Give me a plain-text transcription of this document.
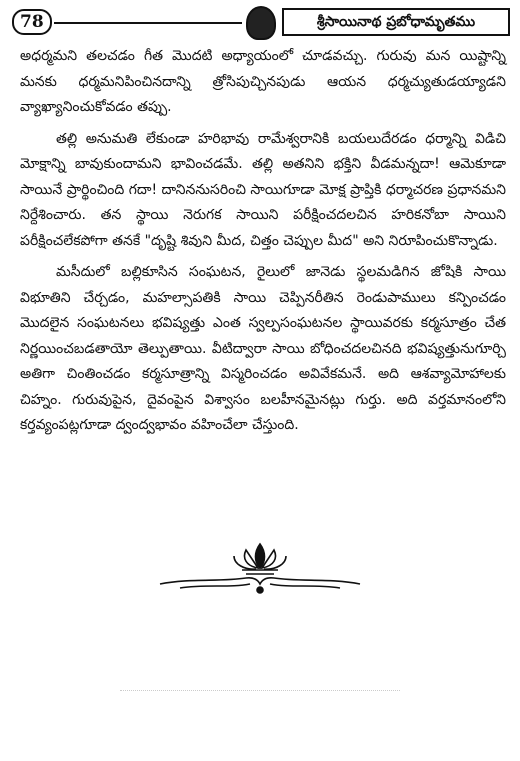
78	శ్రీసాయినాథ ప్రబోధామృతము

అధర్మమని తలచడం గీత మొదటి అధ్యాయంలో చూడవచ్చు. గురువు మన యిష్టాన్ని మనకు ధర్మమనిపించినదాన్ని త్రోసిపుచ్చినపుడు ఆయన ధర్మచ్యుతుడయ్యాడని వ్యాఖ్యానించుకోవడం తప్పు.

తల్లి అనుమతి లేకుండా హరిభావు రామేశ్వరానికి బయలుదేరడం ధర్మాన్ని విడిచి మోక్షాన్ని బావుకుందామని భావించడమే. తల్లి అతనిని భక్తిని వీడమన్నదా! ఆమెకూడా సాయినే ప్రార్థించింది గదా! దానిననుసరించి సాయిగూడా మోక్ష ప్రాప్తికి ధర్మాచరణ ప్రధానమని నిర్దేశించారు. తన స్థాయి నెరుగక సాయిని పరీక్షించదలచిన హరికనోబా సాయిని పరీక్షించలేకపోగా తనకే "దృష్టి శివుని మీద, చిత్తం చెప్పుల మీద" అని నిరూపించుకొన్నాడు.

మసీదులో బల్లికూసిన సంఘటన, రైలులో జానెడు స్థలమడిగిన జోషికి సాయి విభూతిని చేర్చడం, మహల్సాపతికి సాయి చెప్పినరీతిన రెండుపాములు కన్పించడం మొదలైన సంఘటనలు భవిష్యత్తు ఎంత స్వల్పసంఘటనల స్థాయివరకు కర్మసూత్రం చేత నిర్ణయించబడతాయో తెల్పుతాయి. వీటిద్వారా సాయి బోధించదలచినది భవిష్యత్తునుగూర్చి అతిగా చింతించడం కర్మసూత్రాన్ని విస్మరించడం అవివేకమనే. అది ఆశవ్యామోహాలకు చిహ్నం. గురువుపైన, దైవంపైన విశ్వాసం బలహీనమైనట్లు గుర్తు. అది వర్తమానంలోని కర్తవ్యంపట్లగూడా ద్వంద్వభావం వహించేలా చేస్తుంది.
